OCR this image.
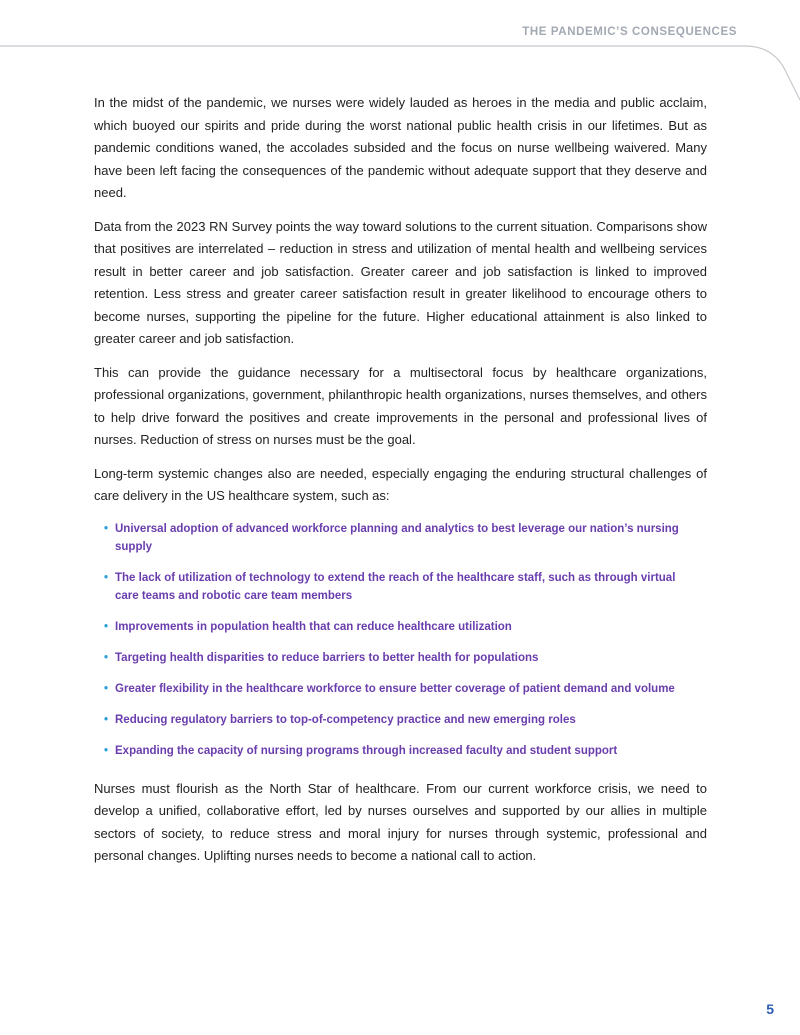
THE PANDEMIC’S CONSEQUENCES

In the midst of the pandemic, we nurses were widely lauded as heroes in the media and public acclaim, which buoyed our spirits and pride during the worst national public health crisis in our lifetimes. But as pandemic conditions waned, the accolades subsided and the focus on nurse wellbeing waivered. Many have been left facing the consequences of the pandemic without adequate support that they deserve and need.

Data from the 2023 RN Survey points the way toward solutions to the current situation. Comparisons show that positives are interrelated – reduction in stress and utilization of mental health and wellbeing services result in better career and job satisfaction. Greater career and job satisfaction is linked to improved retention. Less stress and greater career satisfaction result in greater likelihood to encourage others to become nurses, supporting the pipeline for the future. Higher educational attainment is also linked to greater career and job satisfaction.

This can provide the guidance necessary for a multisectoral focus by healthcare organizations, professional organizations, government, philanthropic health organizations, nurses themselves, and others to help drive forward the positives and create improvements in the personal and professional lives of nurses. Reduction of stress on nurses must be the goal.

Long-term systemic changes also are needed, especially engaging the enduring structural challenges of care delivery in the US healthcare system, such as:

• Universal adoption of advanced workforce planning and analytics to best leverage our nation’s nursing supply
• The lack of utilization of technology to extend the reach of the healthcare staff, such as through virtual care teams and robotic care team members
• Improvements in population health that can reduce healthcare utilization
• Targeting health disparities to reduce barriers to better health for populations
• Greater flexibility in the healthcare workforce to ensure better coverage of patient demand and volume
• Reducing regulatory barriers to top-of-competency practice and new emerging roles
• Expanding the capacity of nursing programs through increased faculty and student support

Nurses must flourish as the North Star of healthcare. From our current workforce crisis, we need to develop a unified, collaborative effort, led by nurses ourselves and supported by our allies in multiple sectors of society, to reduce stress and moral injury for nurses through systemic, professional and personal changes. Uplifting nurses needs to become a national call to action.

5
